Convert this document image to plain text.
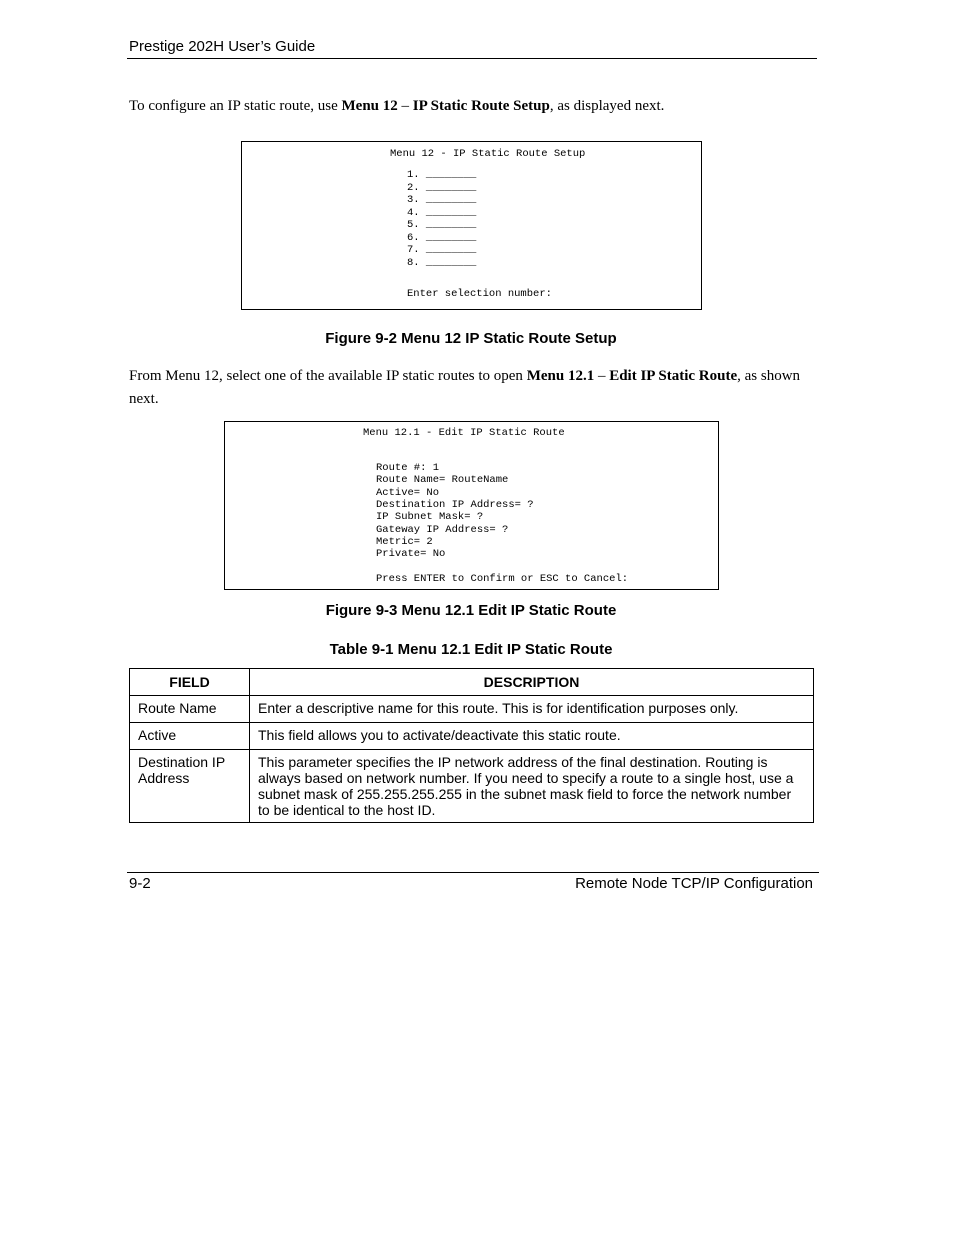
Prestige 202H User’s Guide
To configure an IP static route, use Menu 12 – IP Static Route Setup, as displayed next.
Menu 12 - IP Static Route Setup
1. ________
2. ________
3. ________
4. ________
5. ________
6. ________
7. ________
8. ________
Enter selection number:
Figure 9-2 Menu 12 IP Static Route Setup
From Menu 12, select one of the available IP static routes to open Menu 12.1 – Edit IP Static Route, as shown next.
Menu 12.1 - Edit IP Static Route
Route #: 1
Route Name= RouteName
Active= No
Destination IP Address= ?
IP Subnet Mask= ?
Gateway IP Address= ?
Metric= 2
Private= No
Press ENTER to Confirm or ESC to Cancel:
Figure 9-3 Menu 12.1 Edit IP Static Route
Table 9-1 Menu 12.1 Edit IP Static Route
FIELD	DESCRIPTION
Route Name	Enter a descriptive name for this route. This is for identification purposes only.
Active	This field allows you to activate/deactivate this static route.
Destination IP Address	This parameter specifies the IP network address of the final destination. Routing is always based on network number. If you need to specify a route to a single host, use a subnet mask of 255.255.255.255 in the subnet mask field to force the network number to be identical to the host ID.
9-2	Remote Node TCP/IP Configuration
